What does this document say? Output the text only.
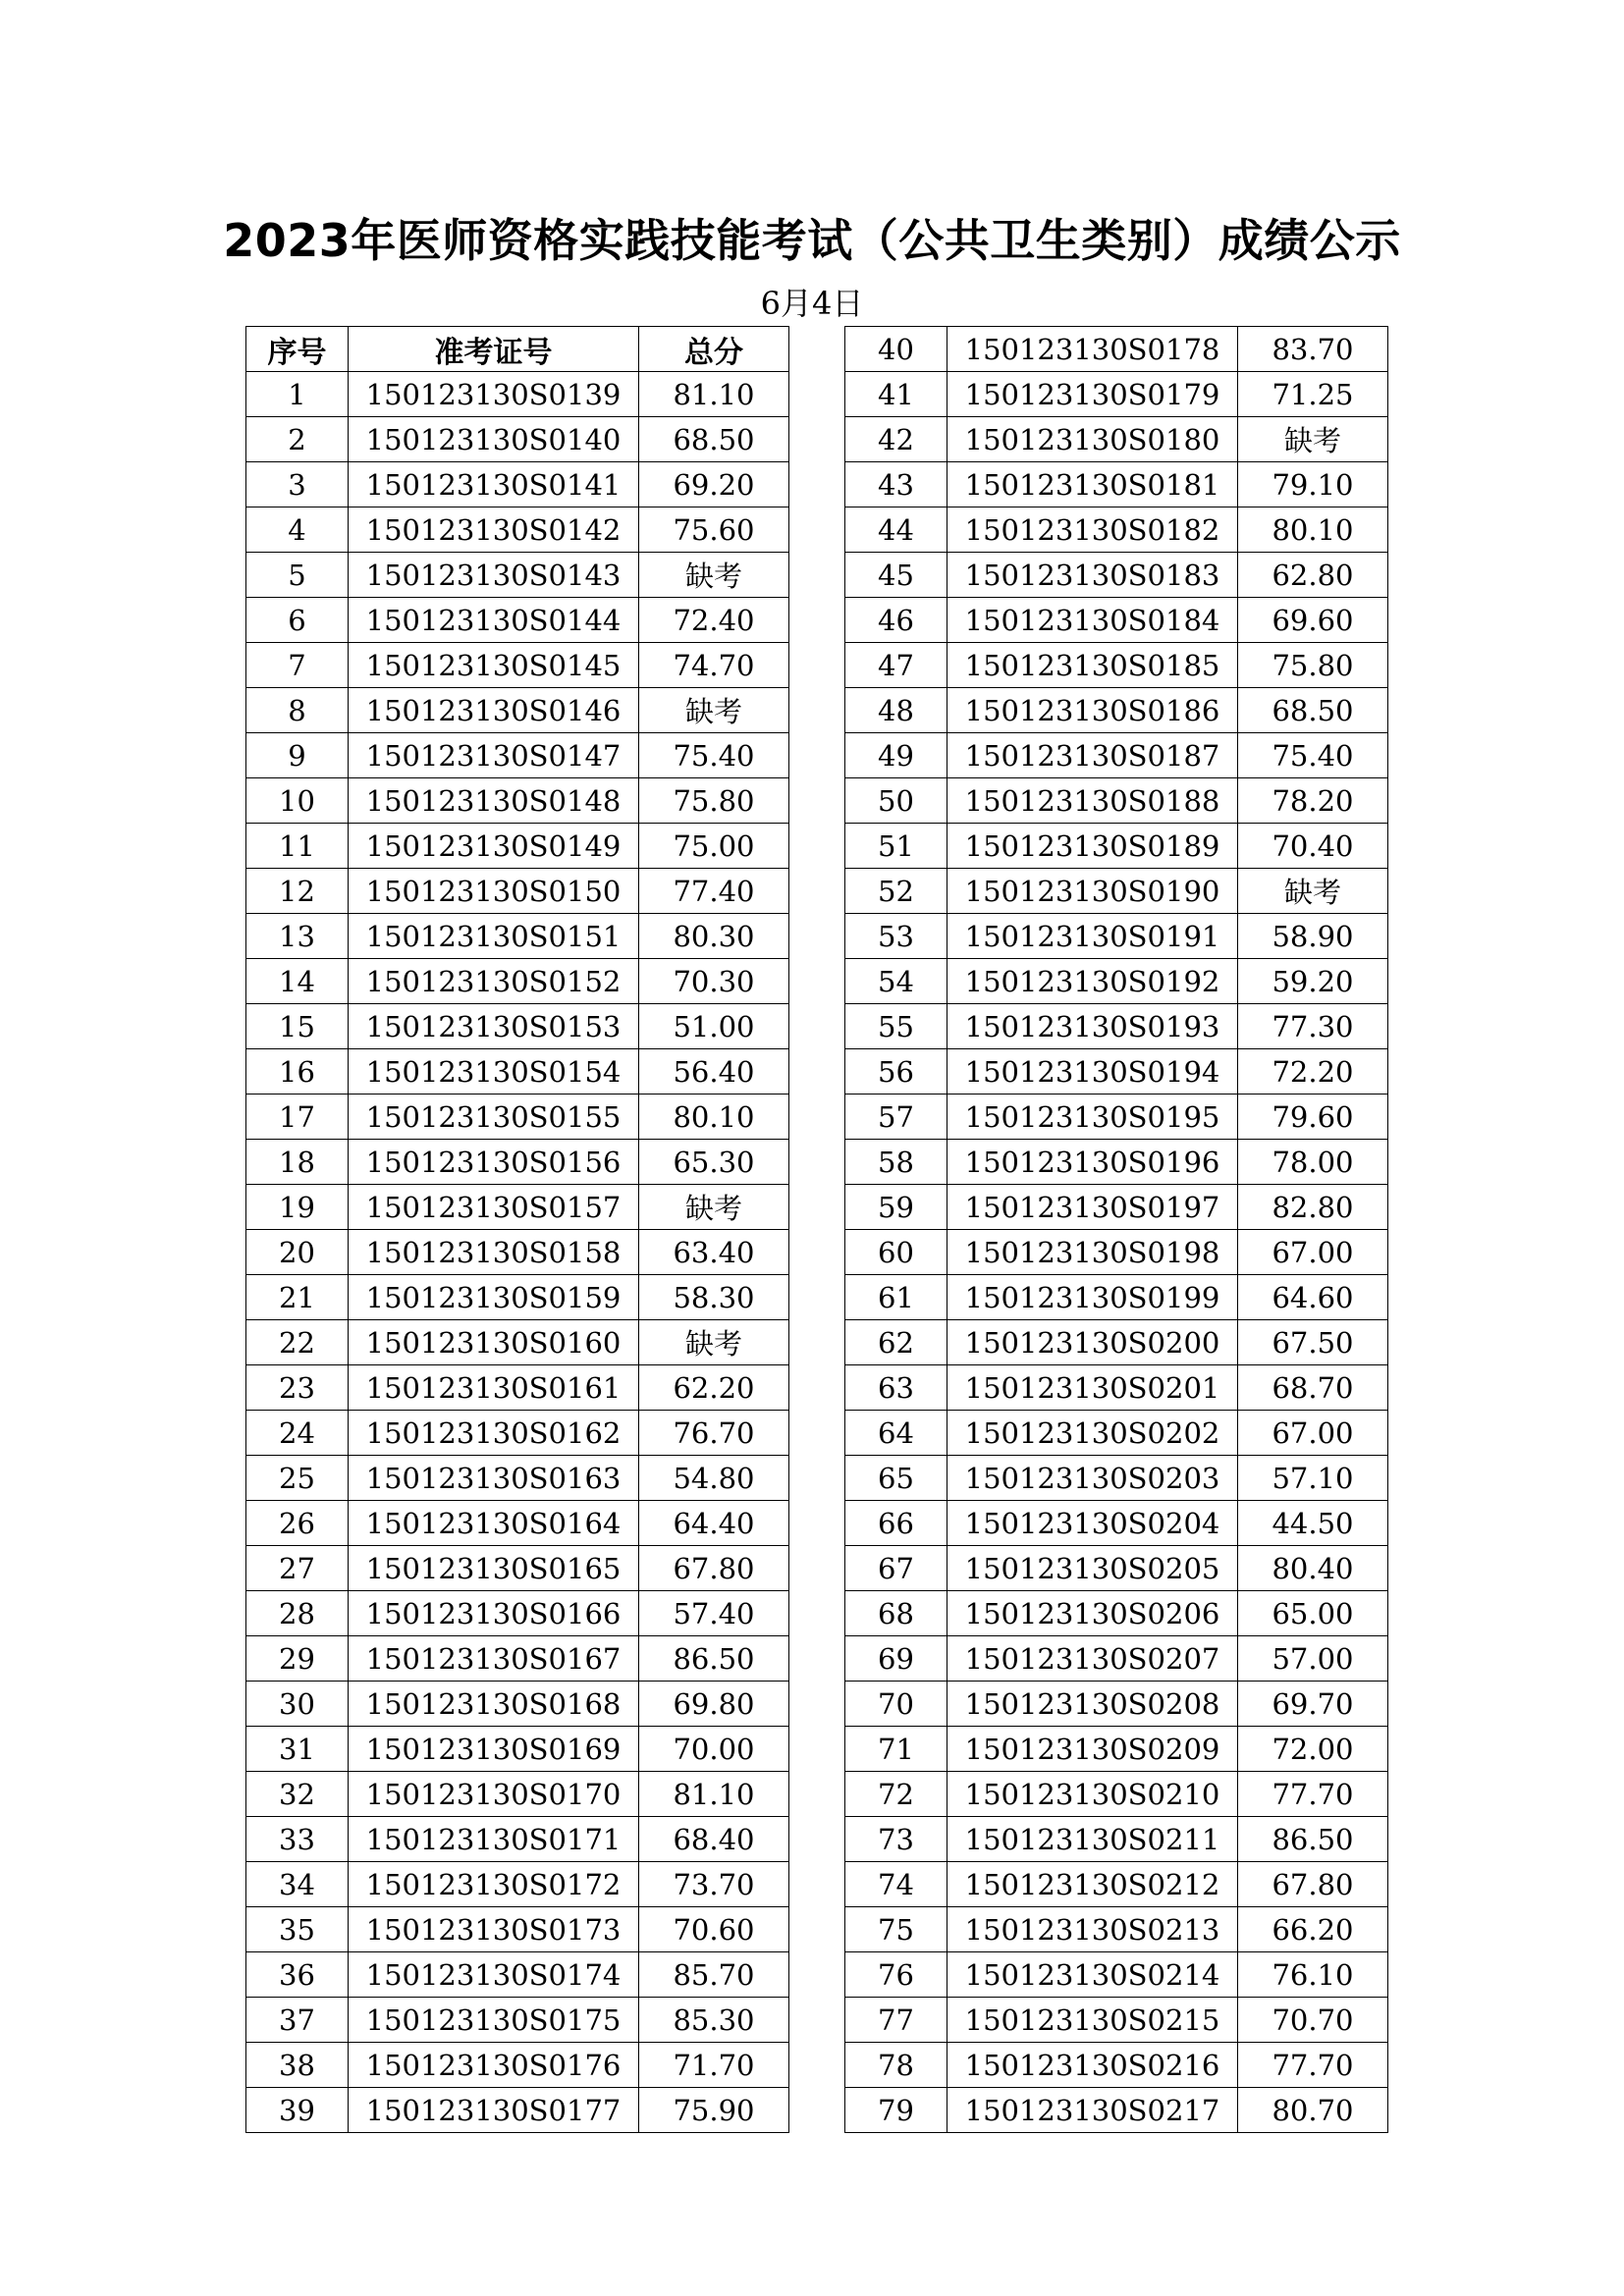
2023年医师资格实践技能考试（公共卫生类别）成绩公示
6月4日
序号	准考证号	总分
1	150123130S0139	81.10
2	150123130S0140	68.50
3	150123130S0141	69.20
4	150123130S0142	75.60
5	150123130S0143	缺考
6	150123130S0144	72.40
7	150123130S0145	74.70
8	150123130S0146	缺考
9	150123130S0147	75.40
10	150123130S0148	75.80
11	150123130S0149	75.00
12	150123130S0150	77.40
13	150123130S0151	80.30
14	150123130S0152	70.30
15	150123130S0153	51.00
16	150123130S0154	56.40
17	150123130S0155	80.10
18	150123130S0156	65.30
19	150123130S0157	缺考
20	150123130S0158	63.40
21	150123130S0159	58.30
22	150123130S0160	缺考
23	150123130S0161	62.20
24	150123130S0162	76.70
25	150123130S0163	54.80
26	150123130S0164	64.40
27	150123130S0165	67.80
28	150123130S0166	57.40
29	150123130S0167	86.50
30	150123130S0168	69.80
31	150123130S0169	70.00
32	150123130S0170	81.10
33	150123130S0171	68.40
34	150123130S0172	73.70
35	150123130S0173	70.60
36	150123130S0174	85.70
37	150123130S0175	85.30
38	150123130S0176	71.70
39	150123130S0177	75.90
40	150123130S0178	83.70
41	150123130S0179	71.25
42	150123130S0180	缺考
43	150123130S0181	79.10
44	150123130S0182	80.10
45	150123130S0183	62.80
46	150123130S0184	69.60
47	150123130S0185	75.80
48	150123130S0186	68.50
49	150123130S0187	75.40
50	150123130S0188	78.20
51	150123130S0189	70.40
52	150123130S0190	缺考
53	150123130S0191	58.90
54	150123130S0192	59.20
55	150123130S0193	77.30
56	150123130S0194	72.20
57	150123130S0195	79.60
58	150123130S0196	78.00
59	150123130S0197	82.80
60	150123130S0198	67.00
61	150123130S0199	64.60
62	150123130S0200	67.50
63	150123130S0201	68.70
64	150123130S0202	67.00
65	150123130S0203	57.10
66	150123130S0204	44.50
67	150123130S0205	80.40
68	150123130S0206	65.00
69	150123130S0207	57.00
70	150123130S0208	69.70
71	150123130S0209	72.00
72	150123130S0210	77.70
73	150123130S0211	86.50
74	150123130S0212	67.80
75	150123130S0213	66.20
76	150123130S0214	76.10
77	150123130S0215	70.70
78	150123130S0216	77.70
79	150123130S0217	80.70
